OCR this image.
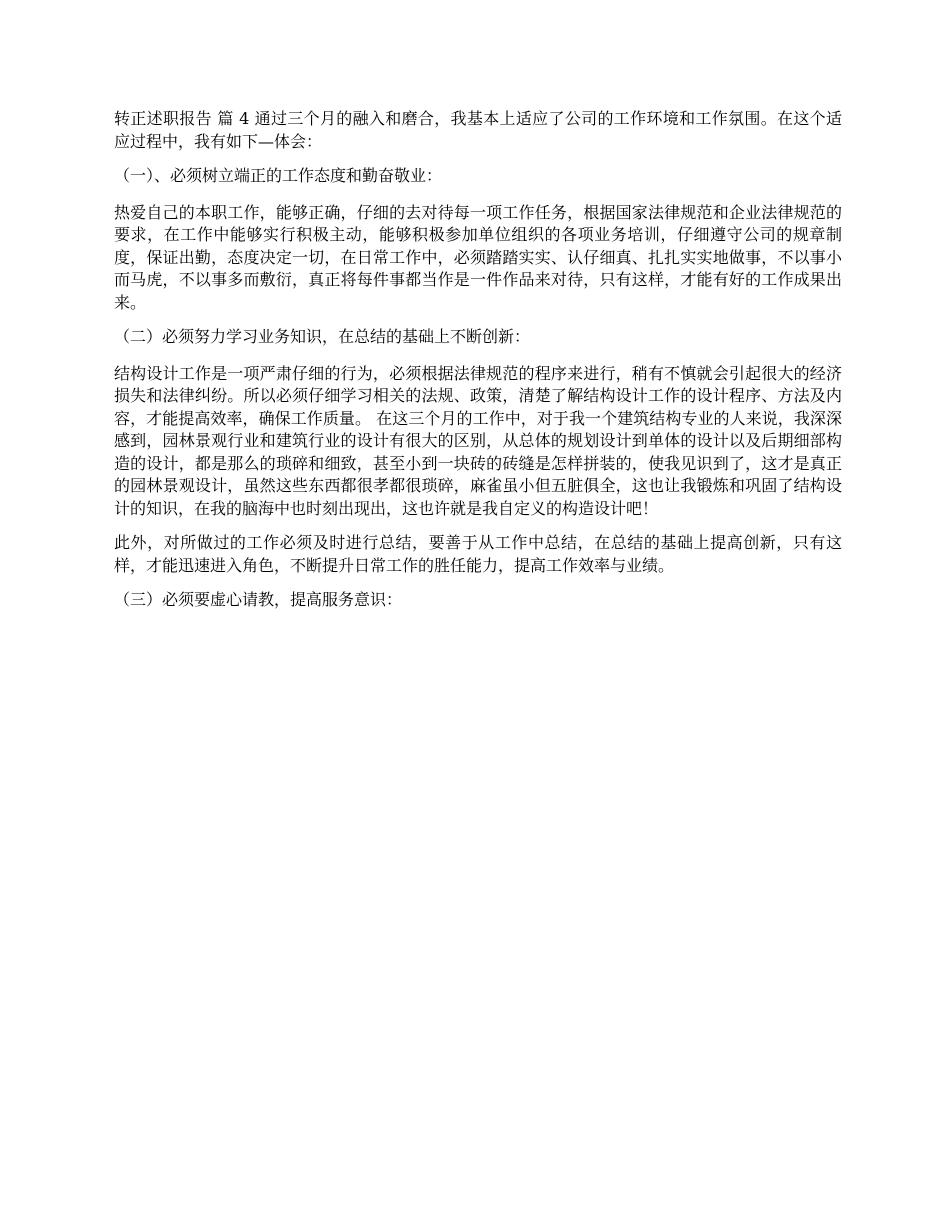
转正述职报告 篇 4 通过三个月的融入和磨合，我基本上适应了公司的工作环境和工作氛围。在这个适应过程中，我有如下—体会：

（一）、必须树立端正的工作态度和勤奋敬业：

热爱自己的本职工作，能够正确，仔细的去对待每一项工作任务，根据国家法律规范和企业法律规范的要求，在工作中能够实行积极主动，能够积极参加单位组织的各项业务培训，仔细遵守公司的规章制度，保证出勤，态度决定一切，在日常工作中，必须踏踏实实、认仔细真、扎扎实实地做事，不以事小而马虎，不以事多而敷衍，真正将每件事都当作是一件作品来对待，只有这样，才能有好的工作成果出来。

（二）必须努力学习业务知识，在总结的基础上不断创新：

结构设计工作是一项严肃仔细的行为，必须根据法律规范的程序来进行，稍有不慎就会引起很大的经济损失和法律纠纷。所以必须仔细学习相关的法规、政策，清楚了解结构设计工作的设计程序、方法及内容，才能提高效率，确保工作质量。 在这三个月的工作中，对于我一个建筑结构专业的人来说，我深深感到，园林景观行业和建筑行业的设计有很大的区别，从总体的规划设计到单体的设计以及后期细部构造的设计，都是那么的琐碎和细致，甚至小到一块砖的砖缝是怎样拼装的，使我见识到了，这才是真正的园林景观设计，虽然这些东西都很孝都很琐碎，麻雀虽小但五脏俱全，这也让我锻炼和巩固了结构设计的知识，在我的脑海中也时刻出现出，这也许就是我自定义的构造设计吧！

此外，对所做过的工作必须及时进行总结，要善于从工作中总结，在总结的基础上提高创新，只有这样，才能迅速进入角色，不断提升日常工作的胜任能力，提高工作效率与业绩。

（三）必须要虚心请教，提高服务意识：
